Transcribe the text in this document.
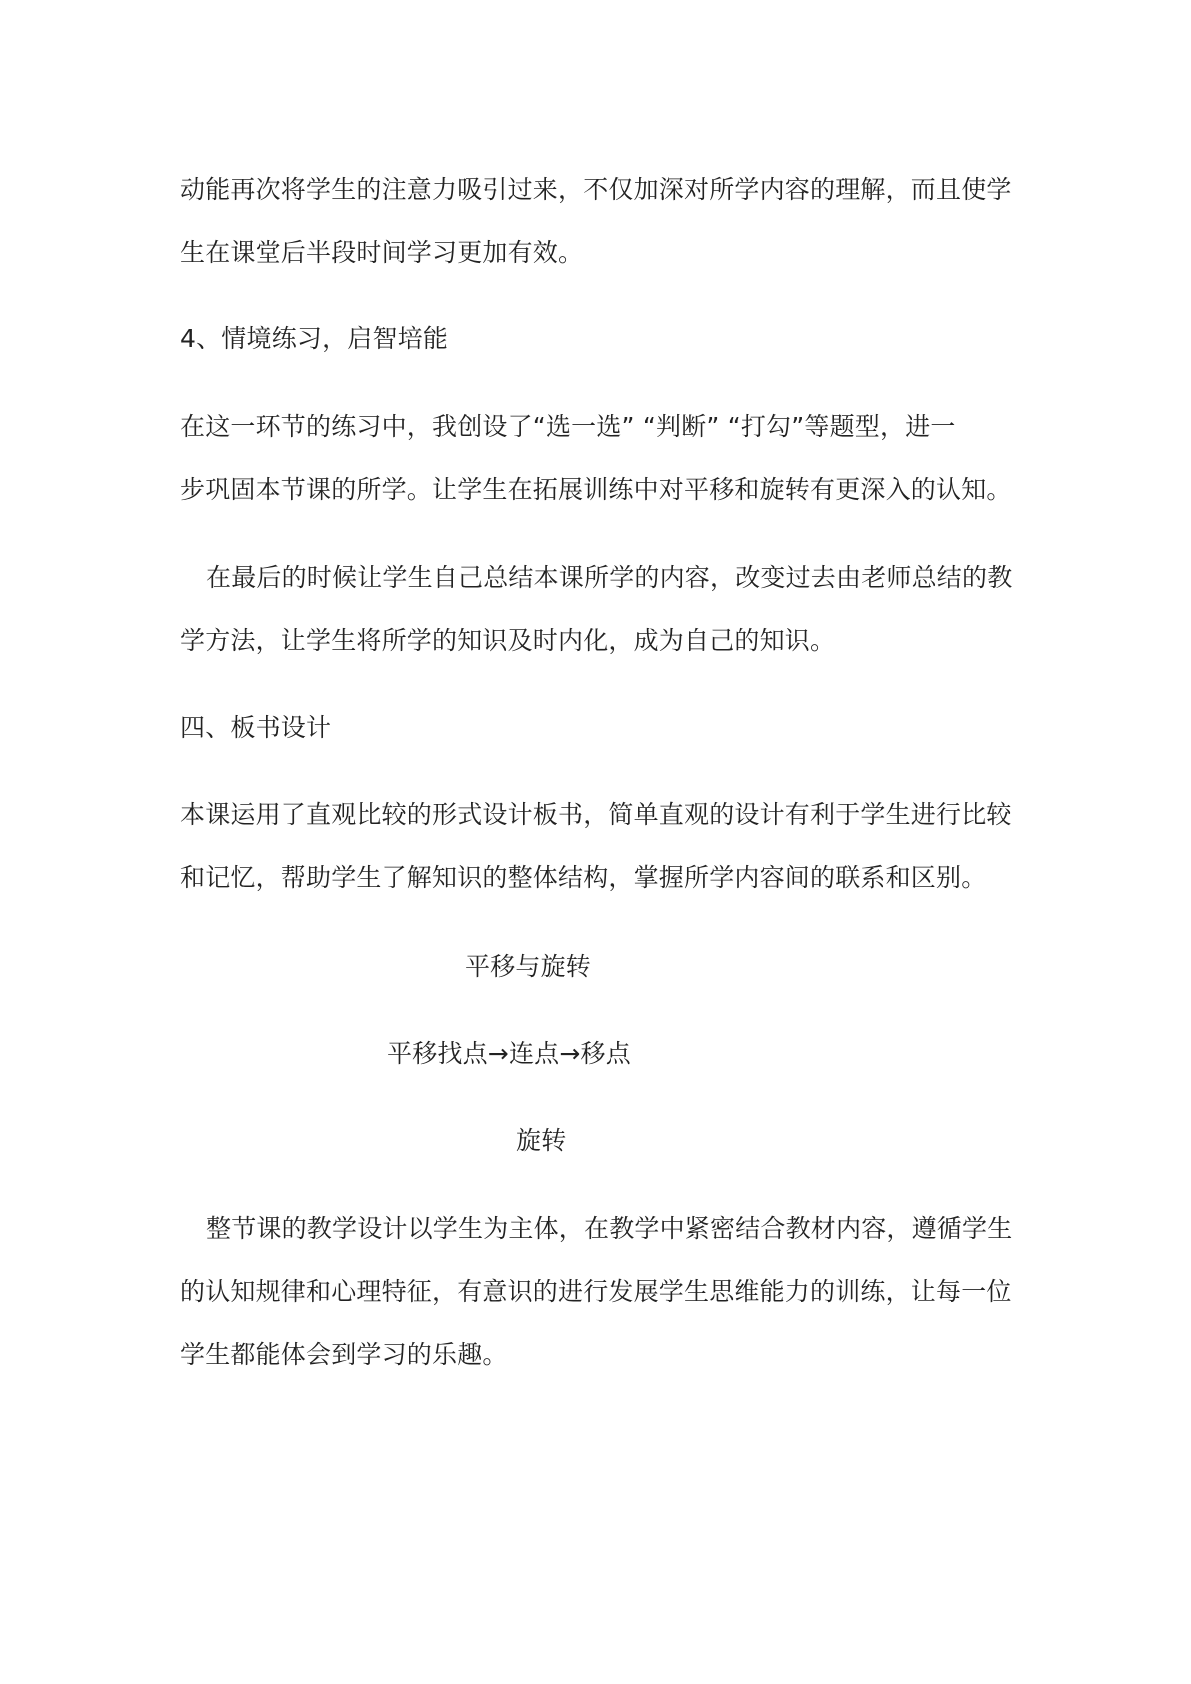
动能再次将学生的注意力吸引过来，不仅加深对所学内容的理解，而且使学
生在课堂后半段时间学习更加有效。
4、情境练习，启智培能
在这一环节的练习中，我创设了“选一选” “判断” “打勾”等题型，进一
步巩固本节课的所学。让学生在拓展训练中对平移和旋转有更深入的认知。
在最后的时候让学生自己总结本课所学的内容，改变过去由老师总结的教
学方法，让学生将所学的知识及时内化，成为自己的知识。
四、板书设计
本课运用了直观比较的形式设计板书，简单直观的设计有利于学生进行比较
和记忆，帮助学生了解知识的整体结构，掌握所学内容间的联系和区别。
平移与旋转
平移找点→连点→移点
旋转
整节课的教学设计以学生为主体，在教学中紧密结合教材内容，遵循学生
的认知规律和心理特征，有意识的进行发展学生思维能力的训练，让每一位
学生都能体会到学习的乐趣。
